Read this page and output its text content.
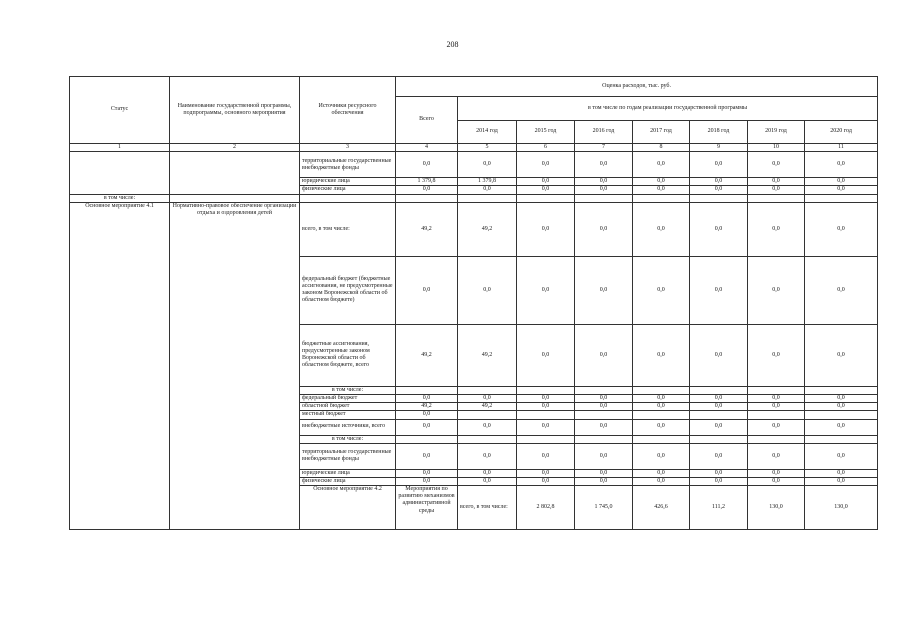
208
Статус	Наименование государственной программы, подпрограммы, основного мероприятия	Источники ресурсного обеспечения	Оценка расходов, тыс. руб.								
			Всего	в том числе по годам реализации государственной программы							
				2014 год	2015 год	2016 год	2017 год	2018 год	2019 год	2020 год	
1	2	3	4	5	6	7	8	9	10	11	
		территориальные государственные внебюджетные фонды	0,0	0,0	0,0	0,0	0,0	0,0	0,0	0,0	
		юридические лица	1 379,8	1 379,8	0,0	0,0	0,0	0,0	0,0	0,0	
		физические лица	0,0	0,0	0,0	0,0	0,0	0,0	0,0	0,0	
в том числе:											
Основное мероприятие 4.1	Нормативно-правовое обеспечение организации отдыха и оздоровления детей	всего, в том числе:	49,2	49,2	0,0	0,0	0,0	0,0	0,0	0,0	
		федеральный бюджет (бюджетные ассигнования, не предусмотренные законом Воронежской области об областном бюджете)	0,0	0,0	0,0	0,0	0,0	0,0	0,0	0,0	
		бюджетные ассигнования, предусмотренные законом Воронежской области об областном бюджете, всего	49,2	49,2	0,0	0,0	0,0	0,0	0,0	0,0	
		в том числе:									
		федеральный бюджет	0,0	0,0	0,0	0,0	0,0	0,0	0,0	0,0	
		областной бюджет	49,2	49,2	0,0	0,0	0,0	0,0	0,0	0,0	
		местный бюджет	0,0								
		внебюджетные источники, всего	0,0	0,0	0,0	0,0	0,0	0,0	0,0	0,0	
		в том числе:									
		территориальные государственные внебюджетные фонды	0,0	0,0	0,0	0,0	0,0	0,0	0,0	0,0	
		юридические лица	0,0	0,0	0,0	0,0	0,0	0,0	0,0	0,0	
		физические лица	0,0	0,0	0,0	0,0	0,0	0,0	0,0	0,0	
		Основное мероприятие 4.2	Мероприятия по развитию механизмов административной среды	всего, в том числе:	2 802,8	1 745,0	426,6	111,2	130,0	130,0		
